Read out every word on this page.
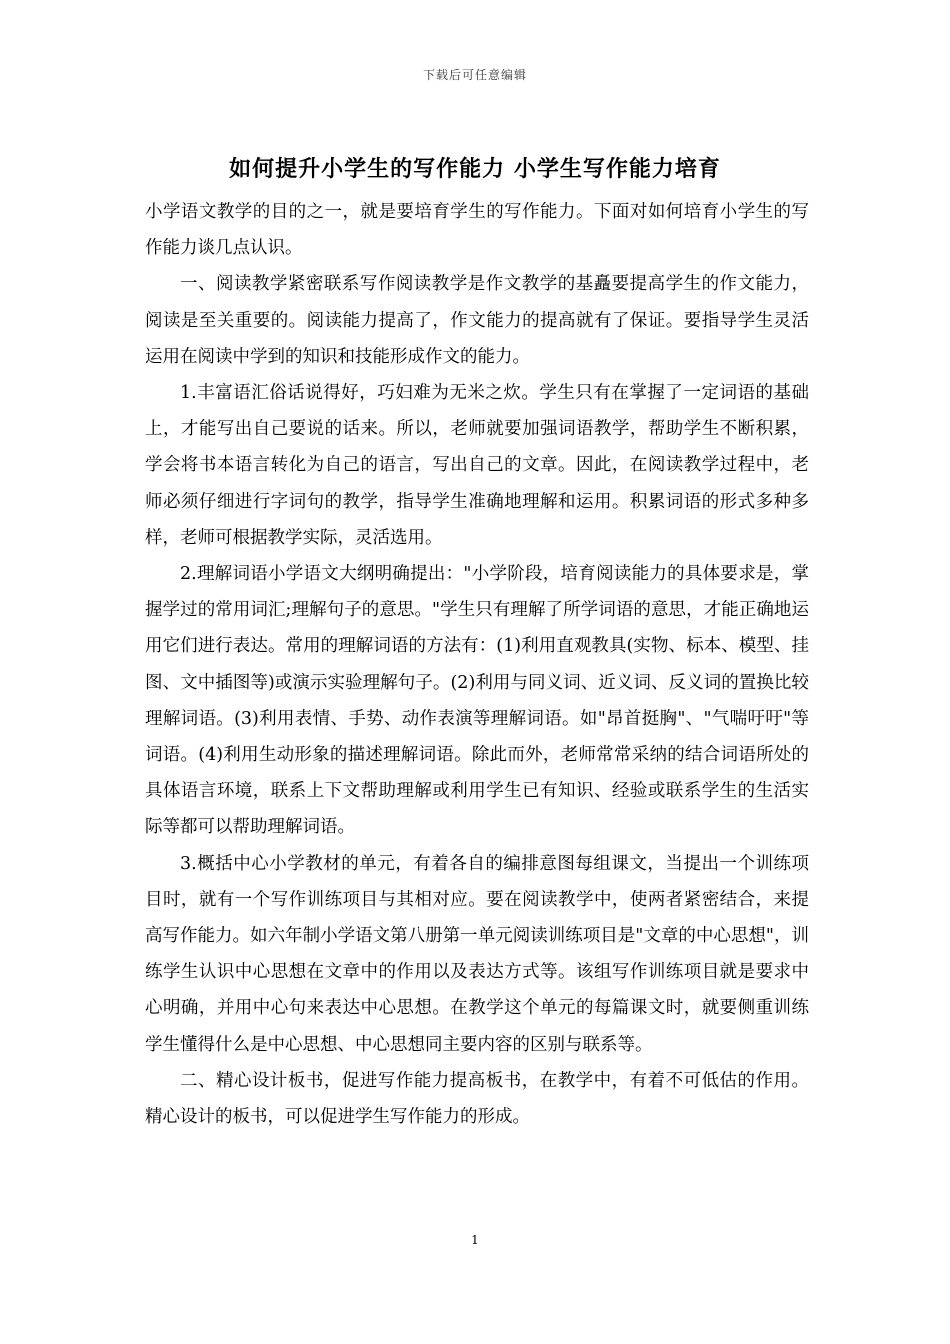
下载后可任意编辑
如何提升小学生的写作能力 小学生写作能力培育

小学语文教学的目的之一，就是要培育学生的写作能力。下面对如何培育小学生的写作能力谈几点认识。

一、阅读教学紧密联系写作阅读教学是作文教学的基矗要提高学生的作文能力，阅读是至关重要的。阅读能力提高了，作文能力的提高就有了保证。要指导学生灵活运用在阅读中学到的知识和技能形成作文的能力。

1.丰富语汇俗话说得好，巧妇难为无米之炊。学生只有在掌握了一定词语的基础上，才能写出自己要说的话来。所以，老师就要加强词语教学，帮助学生不断积累，学会将书本语言转化为自己的语言，写出自己的文章。因此，在阅读教学过程中，老师必须仔细进行字词句的教学，指导学生准确地理解和运用。积累词语的形式多种多样，老师可根据教学实际，灵活选用。

2.理解词语小学语文大纲明确提出："小学阶段，培育阅读能力的具体要求是，掌握学过的常用词汇;理解句子的意思。"学生只有理解了所学词语的意思，才能正确地运用它们进行表达。常用的理解词语的方法有：(1)利用直观教具(实物、标本、模型、挂图、文中插图等)或演示实验理解句子。(2)利用与同义词、近义词、反义词的置换比较理解词语。(3)利用表情、手势、动作表演等理解词语。如"昂首挺胸"、"气喘吁吁"等词语。(4)利用生动形象的描述理解词语。除此而外，老师常常采纳的结合词语所处的具体语言环境，联系上下文帮助理解或利用学生已有知识、经验或联系学生的生活实际等都可以帮助理解词语。

3.概括中心小学教材的单元，有着各自的编排意图每组课文，当提出一个训练项目时，就有一个写作训练项目与其相对应。要在阅读教学中，使两者紧密结合，来提高写作能力。如六年制小学语文第八册第一单元阅读训练项目是"文章的中心思想"，训练学生认识中心思想在文章中的作用以及表达方式等。该组写作训练项目就是要求中心明确，并用中心句来表达中心思想。在教学这个单元的每篇课文时，就要侧重训练学生懂得什么是中心思想、中心思想同主要内容的区别与联系等。

二、精心设计板书，促进写作能力提高板书，在教学中，有着不可低估的作用。精心设计的板书，可以促进学生写作能力的形成。

1
